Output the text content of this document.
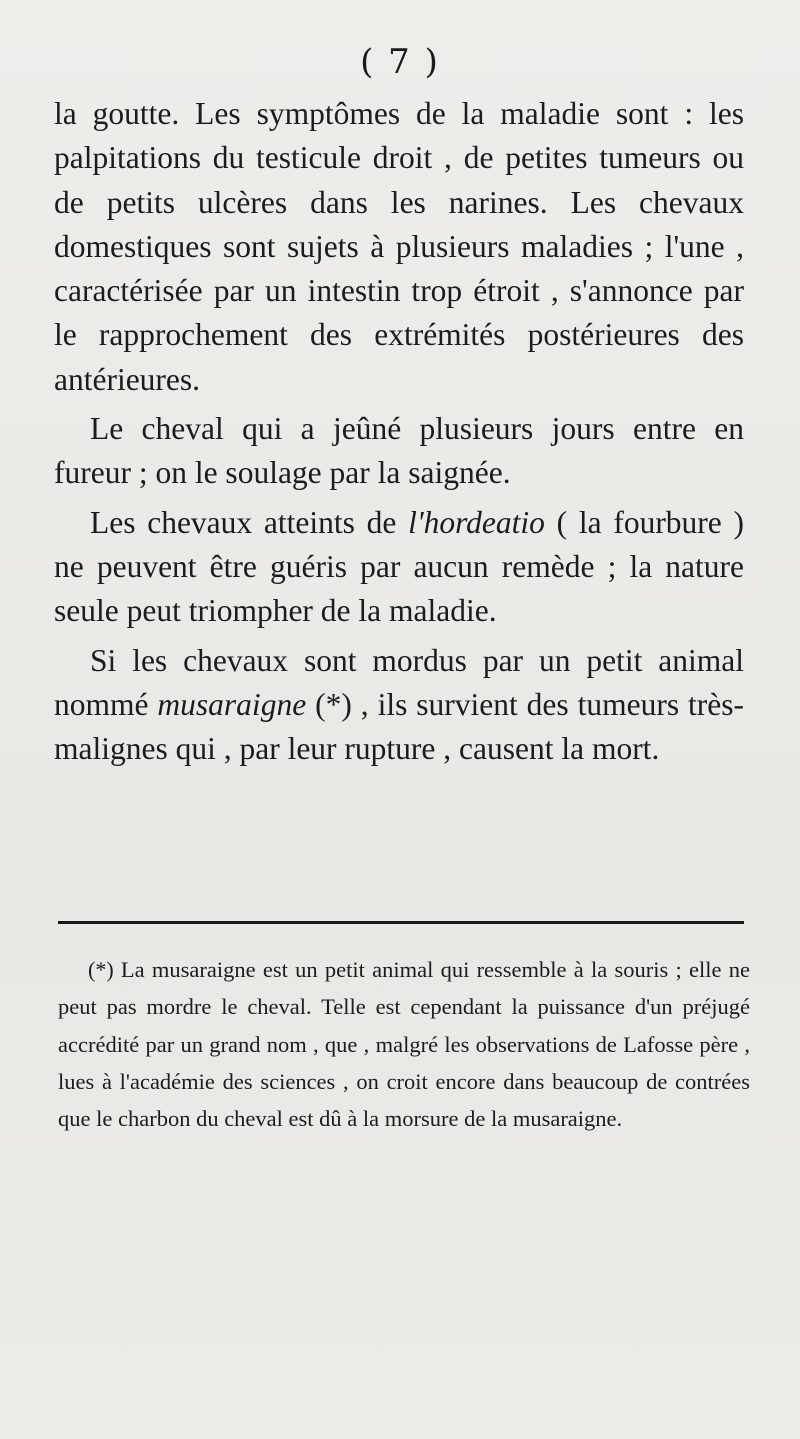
( 7 )

la goutte. Les symptômes de la maladie sont : les palpitations du testicule droit , de petites tumeurs ou de petits ulcères dans les narines. Les chevaux domestiques sont sujets à plusieurs maladies ; l'une , caractérisée par un intestin trop étroit , s'annonce par le rapprochement des extrémités postérieures des antérieures.

Le cheval qui a jeûné plusieurs jours entre en fureur ; on le soulage par la saignée.

Les chevaux atteints de l'hordeatio ( la fourbure ) ne peuvent être guéris par aucun remède ; la nature seule peut triompher de la maladie.

Si les chevaux sont mordus par un petit animal nommé musaraigne (*) , ils survient des tumeurs très-malignes qui , par leur rupture , causent la mort.

(*) La musaraigne est un petit animal qui ressemble à la souris ; elle ne peut pas mordre le cheval. Telle est cependant la puissance d'un préjugé accrédité par un grand nom , que , malgré les observations de Lafosse père , lues à l'académie des sciences , on croit encore dans beaucoup de contrées que le charbon du cheval est dû à la morsure de la musaraigne.
